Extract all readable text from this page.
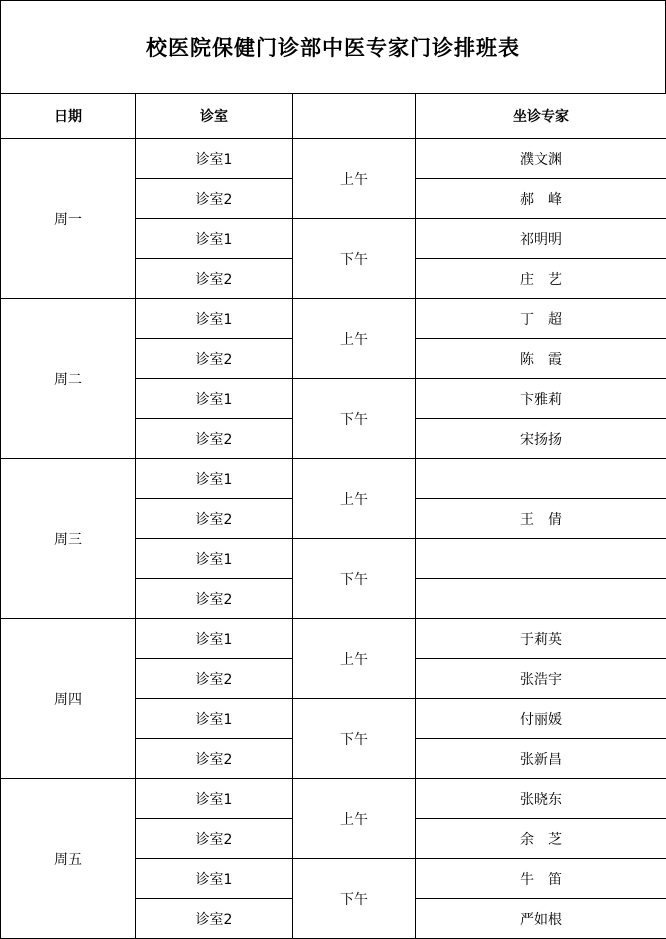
校医院保健门诊部中医专家门诊排班表
日期	诊室		坐诊专家
周一	诊室1	上午	濮文渊
	诊室2		郝　峰
	诊室1	下午	祁明明
	诊室2		庄　艺
周二	诊室1	上午	丁　超
	诊室2		陈　霞
	诊室1	下午	卞雅莉
	诊室2		宋扬扬
周三	诊室1	上午	
	诊室2		王　倩
	诊室1	下午	
	诊室2		
周四	诊室1	上午	于莉英
	诊室2		张浩宇
	诊室1	下午	付丽媛
	诊室2		张新昌
周五	诊室1	上午	张晓东
	诊室2		余　芝
	诊室1	下午	牛　笛
	诊室2		严如根
